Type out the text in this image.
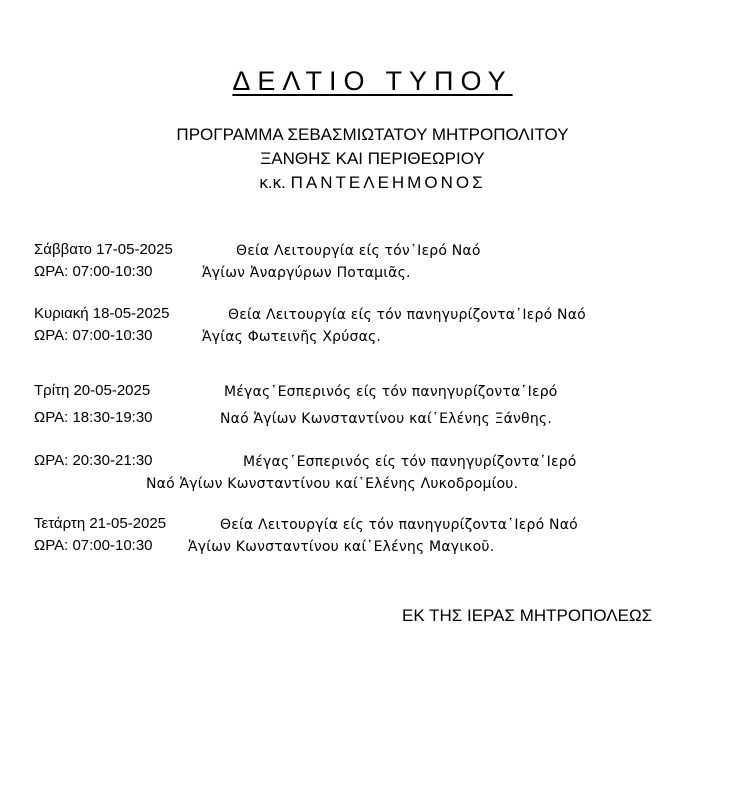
ΔΕΛΤΙΟ ΤΥΠΟΥ
ΠΡΟΓΡΑΜΜΑ ΣΕΒΑΣΜΙΩΤΑΤΟΥ ΜΗΤΡΟΠΟΛΙΤΟΥ
ΞΑΝΘΗΣ ΚΑΙ ΠΕΡΙΘΕΩΡΙΟΥ
κ.κ. ΠΑΝΤΕΛΕΗΜΟΝΟΣ
Σάββατο 17-05-2025	Θεία Λειτουργία είς τόν῾Ιερό Ναό
ΩΡΑ: 07:00-10:30	Ἁγίων Ἀναργύρων Ποταμιᾶς.
Κυριακή 18-05-2025	Θεία Λειτουργία είς τόν πανηγυρίζοντα῾Ιερό Ναό
ΩΡΑ: 07:00-10:30	Ἁγίας Φωτεινῆς Χρύσας.
Τρίτη 20-05-2025	Μέγας῾Εσπερινός είς τόν πανηγυρίζοντα῾Ιερό
ΩΡΑ: 18:30-19:30	Ναό Ἁγίων Κωνσταντίνου καί῾Ελένης Ξάνθης.
ΩΡΑ: 20:30-21:30	Μέγας῾Εσπερινός είς τόν πανηγυρίζοντα῾Ιερό
Ναό Ἁγίων Κωνσταντίνου καί῾Ελένης Λυκοδρομίου.
Τετάρτη 21-05-2025	Θεία Λειτουργία είς τόν πανηγυρίζοντα῾Ιερό Ναό
ΩΡΑ: 07:00-10:30	Ἁγίων Κωνσταντίνου καί῾Ελένης Μαγικοῦ.
ΕΚ ΤΗΣ ΙΕΡΑΣ ΜΗΤΡΟΠΟΛΕΩΣ
